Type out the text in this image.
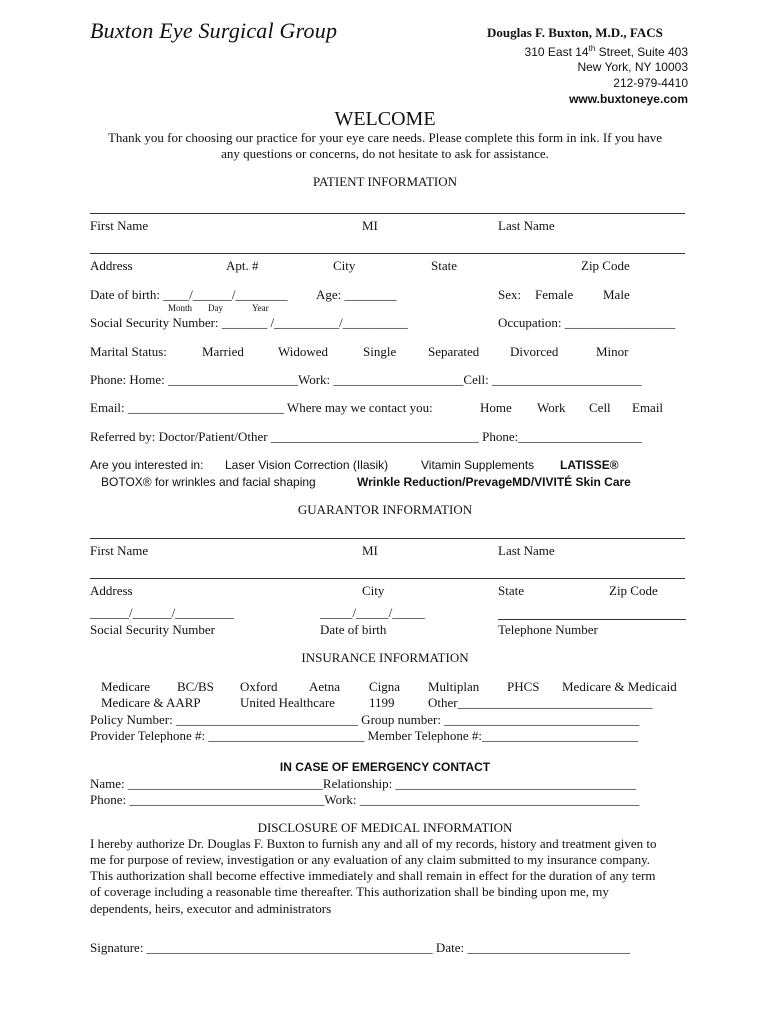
Buxton Eye Surgical Group	Douglas F. Buxton, M.D., FACS
310 East 14th Street, Suite 403
New York, NY 10003
212-979-4410
www.buxtoneye.com
WELCOME
Thank you for choosing our practice for your eye care needs. Please complete this form in ink. If you have
any questions or concerns, do not hesitate to ask for assistance.
PATIENT INFORMATION
First Name	MI	Last Name
Address	Apt. #	City	State	Zip Code
Date of birth: ____/______/________ Age: ________	Sex: Female Male
Month Day	Year
Social Security Number: _______ /__________/__________	Occupation: _________________
Marital Status:	Married	Widowed	Single Separated Divorced	Minor
Phone: Home: ____________________Work: ____________________Cell: _______________________
Email: ________________________ Where may we contact you:	Home Work Cell Email
Referred by: Doctor/Patient/Other ________________________________ Phone:___________________
Are you interested in: Laser Vision Correction (Ilasik)	Vitamin Supplements LATISSE®
BOTOX® for wrinkles and facial shaping	Wrinkle Reduction/PrevageMD/VIVITÉ Skin Care
GUARANTOR INFORMATION
First Name	MI	Last Name
Address	City	State	Zip Code
______/______/_________	_____/_____/_____
Social Security Number	Date of birth	Telephone Number
INSURANCE INFORMATION
Medicare BC/BS Oxford Aetna Cigna Multiplan PHCS Medicare & Medicaid
Medicare & AARP	United Healthcare	1199	Other______________________________
Policy Number: ____________________________ Group number: ______________________________
Provider Telephone #: ________________________ Member Telephone #:________________________
IN CASE OF EMERGENCY CONTACT
Name: ______________________________Relationship: _____________________________________
Phone: ______________________________Work: ___________________________________________
DISCLOSURE OF MEDICAL INFORMATION
I hereby authorize Dr. Douglas F. Buxton to furnish any and all of my records, history and treatment given to
me for purpose of review, investigation or any evaluation of any claim submitted to my insurance company.
This authorization shall become effective immediately and shall remain in effect for the duration of any term
of coverage including a reasonable time thereafter. This authorization shall be binding upon me, my
dependents, heirs, executor and administrators
Signature: ____________________________________________ Date: _________________________
